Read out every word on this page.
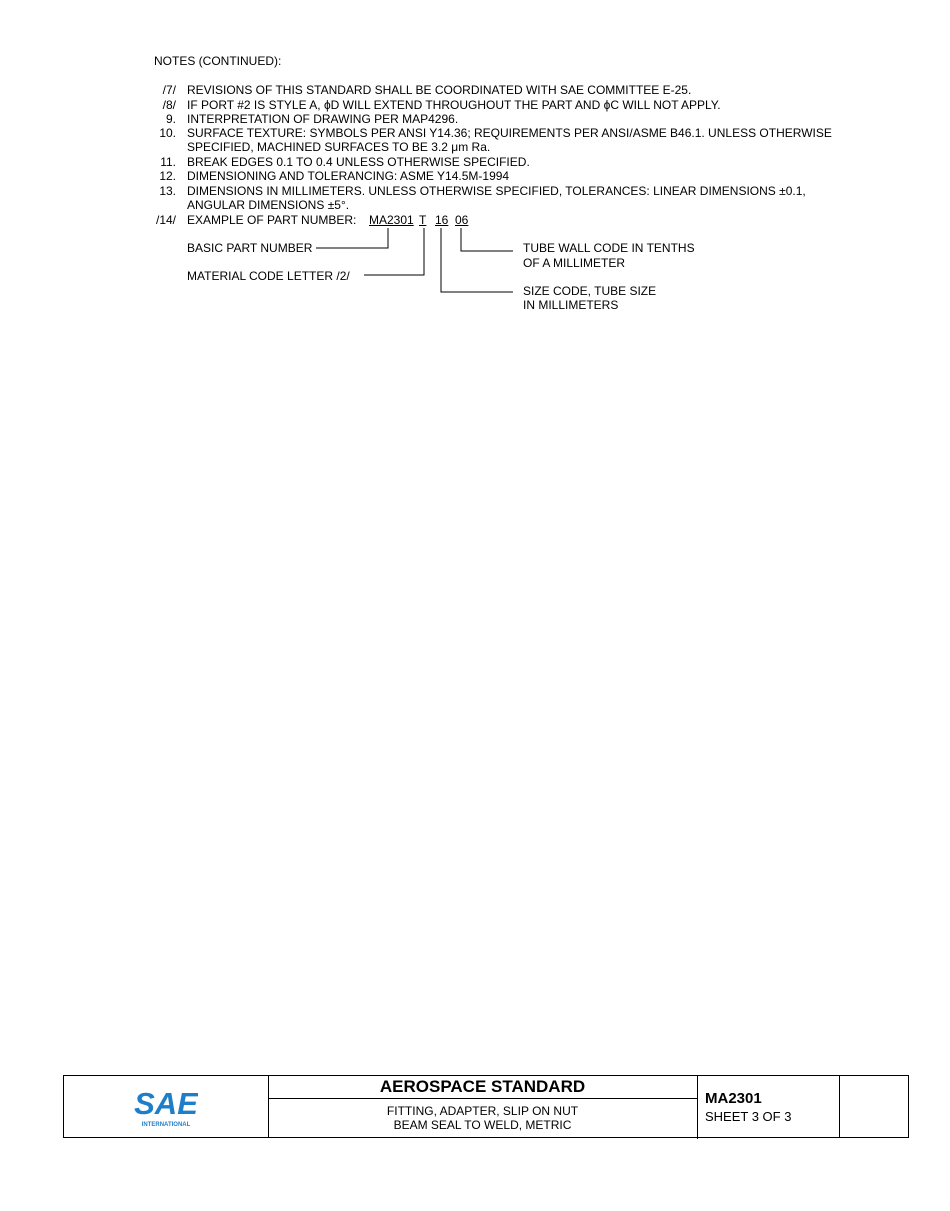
NOTES (CONTINUED):
/7/ REVISIONS OF THIS STANDARD SHALL BE COORDINATED WITH SAE COMMITTEE E-25.
/8/ IF PORT #2 IS STYLE A, ϕD WILL EXTEND THROUGHOUT THE PART AND ϕC WILL NOT APPLY.
9. INTERPRETATION OF DRAWING PER MAP4296.
10. SURFACE TEXTURE: SYMBOLS PER ANSI Y14.36; REQUIREMENTS PER ANSI/ASME B46.1. UNLESS OTHERWISE
SPECIFIED, MACHINED SURFACES TO BE 3.2 μm Ra.
11. BREAK EDGES 0.1 TO 0.4 UNLESS OTHERWISE SPECIFIED.
12. DIMENSIONING AND TOLERANCING: ASME Y14.5M-1994
13. DIMENSIONS IN MILLIMETERS. UNLESS OTHERWISE SPECIFIED, TOLERANCES: LINEAR DIMENSIONS ±0.1,
ANGULAR DIMENSIONS ±5°.
/14/ EXAMPLE OF PART NUMBER: MA2301 T 16 06
BASIC PART NUMBER
MATERIAL CODE LETTER /2/
TUBE WALL CODE IN TENTHS
OF A MILLIMETER
SIZE CODE, TUBE SIZE
IN MILLIMETERS
SAE
INTERNATIONAL
AEROSPACE STANDARD
FITTING, ADAPTER, SLIP ON NUT
BEAM SEAL TO WELD, METRIC
MA2301
SHEET 3 OF 3
